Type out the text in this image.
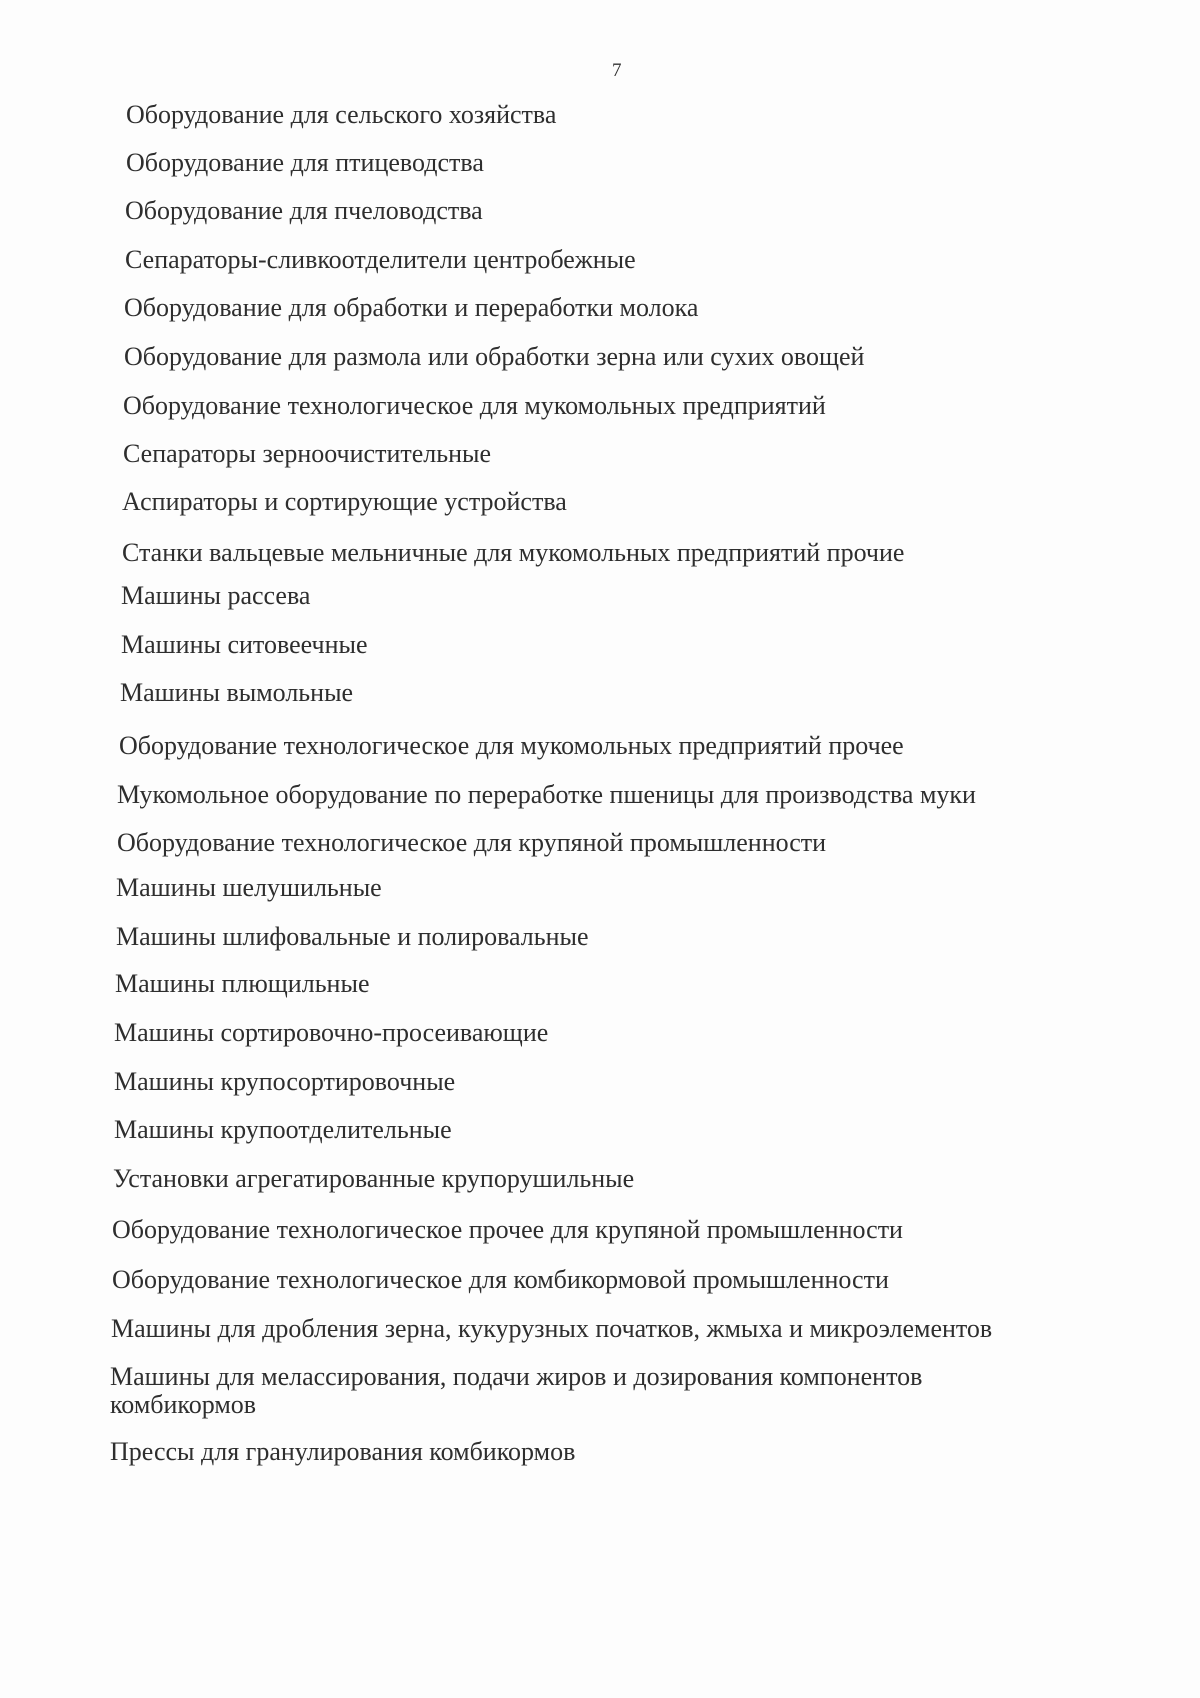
7
Оборудование для сельского хозяйства
Оборудование для птицеводства
Оборудование для пчеловодства
Сепараторы-сливкоотделители центробежные
Оборудование для обработки и переработки молока
Оборудование для размола или обработки зерна или сухих овощей
Оборудование технологическое для мукомольных предприятий
Сепараторы зерноочистительные
Аспираторы и сортирующие устройства
Станки вальцевые мельничные для мукомольных предприятий прочие
Машины рассева
Машины ситовеечные
Машины вымольные
Оборудование технологическое для мукомольных предприятий прочее
Мукомольное оборудование по переработке пшеницы для производства муки
Оборудование технологическое для крупяной промышленности
Машины шелушильные
Машины шлифовальные и полировальные
Машины плющильные
Машины сортировочно-просеивающие
Машины крупосортировочные
Машины крупоотделительные
Установки агрегатированные крупорушильные
Оборудование технологическое прочее для крупяной промышленности
Оборудование технологическое для комбикормовой промышленности
Машины для дробления зерна, кукурузных початков, жмыха и микроэлементов
Машины для мелассирования, подачи жиров и дозирования компонентов комбикормов
Прессы для гранулирования комбикормов
